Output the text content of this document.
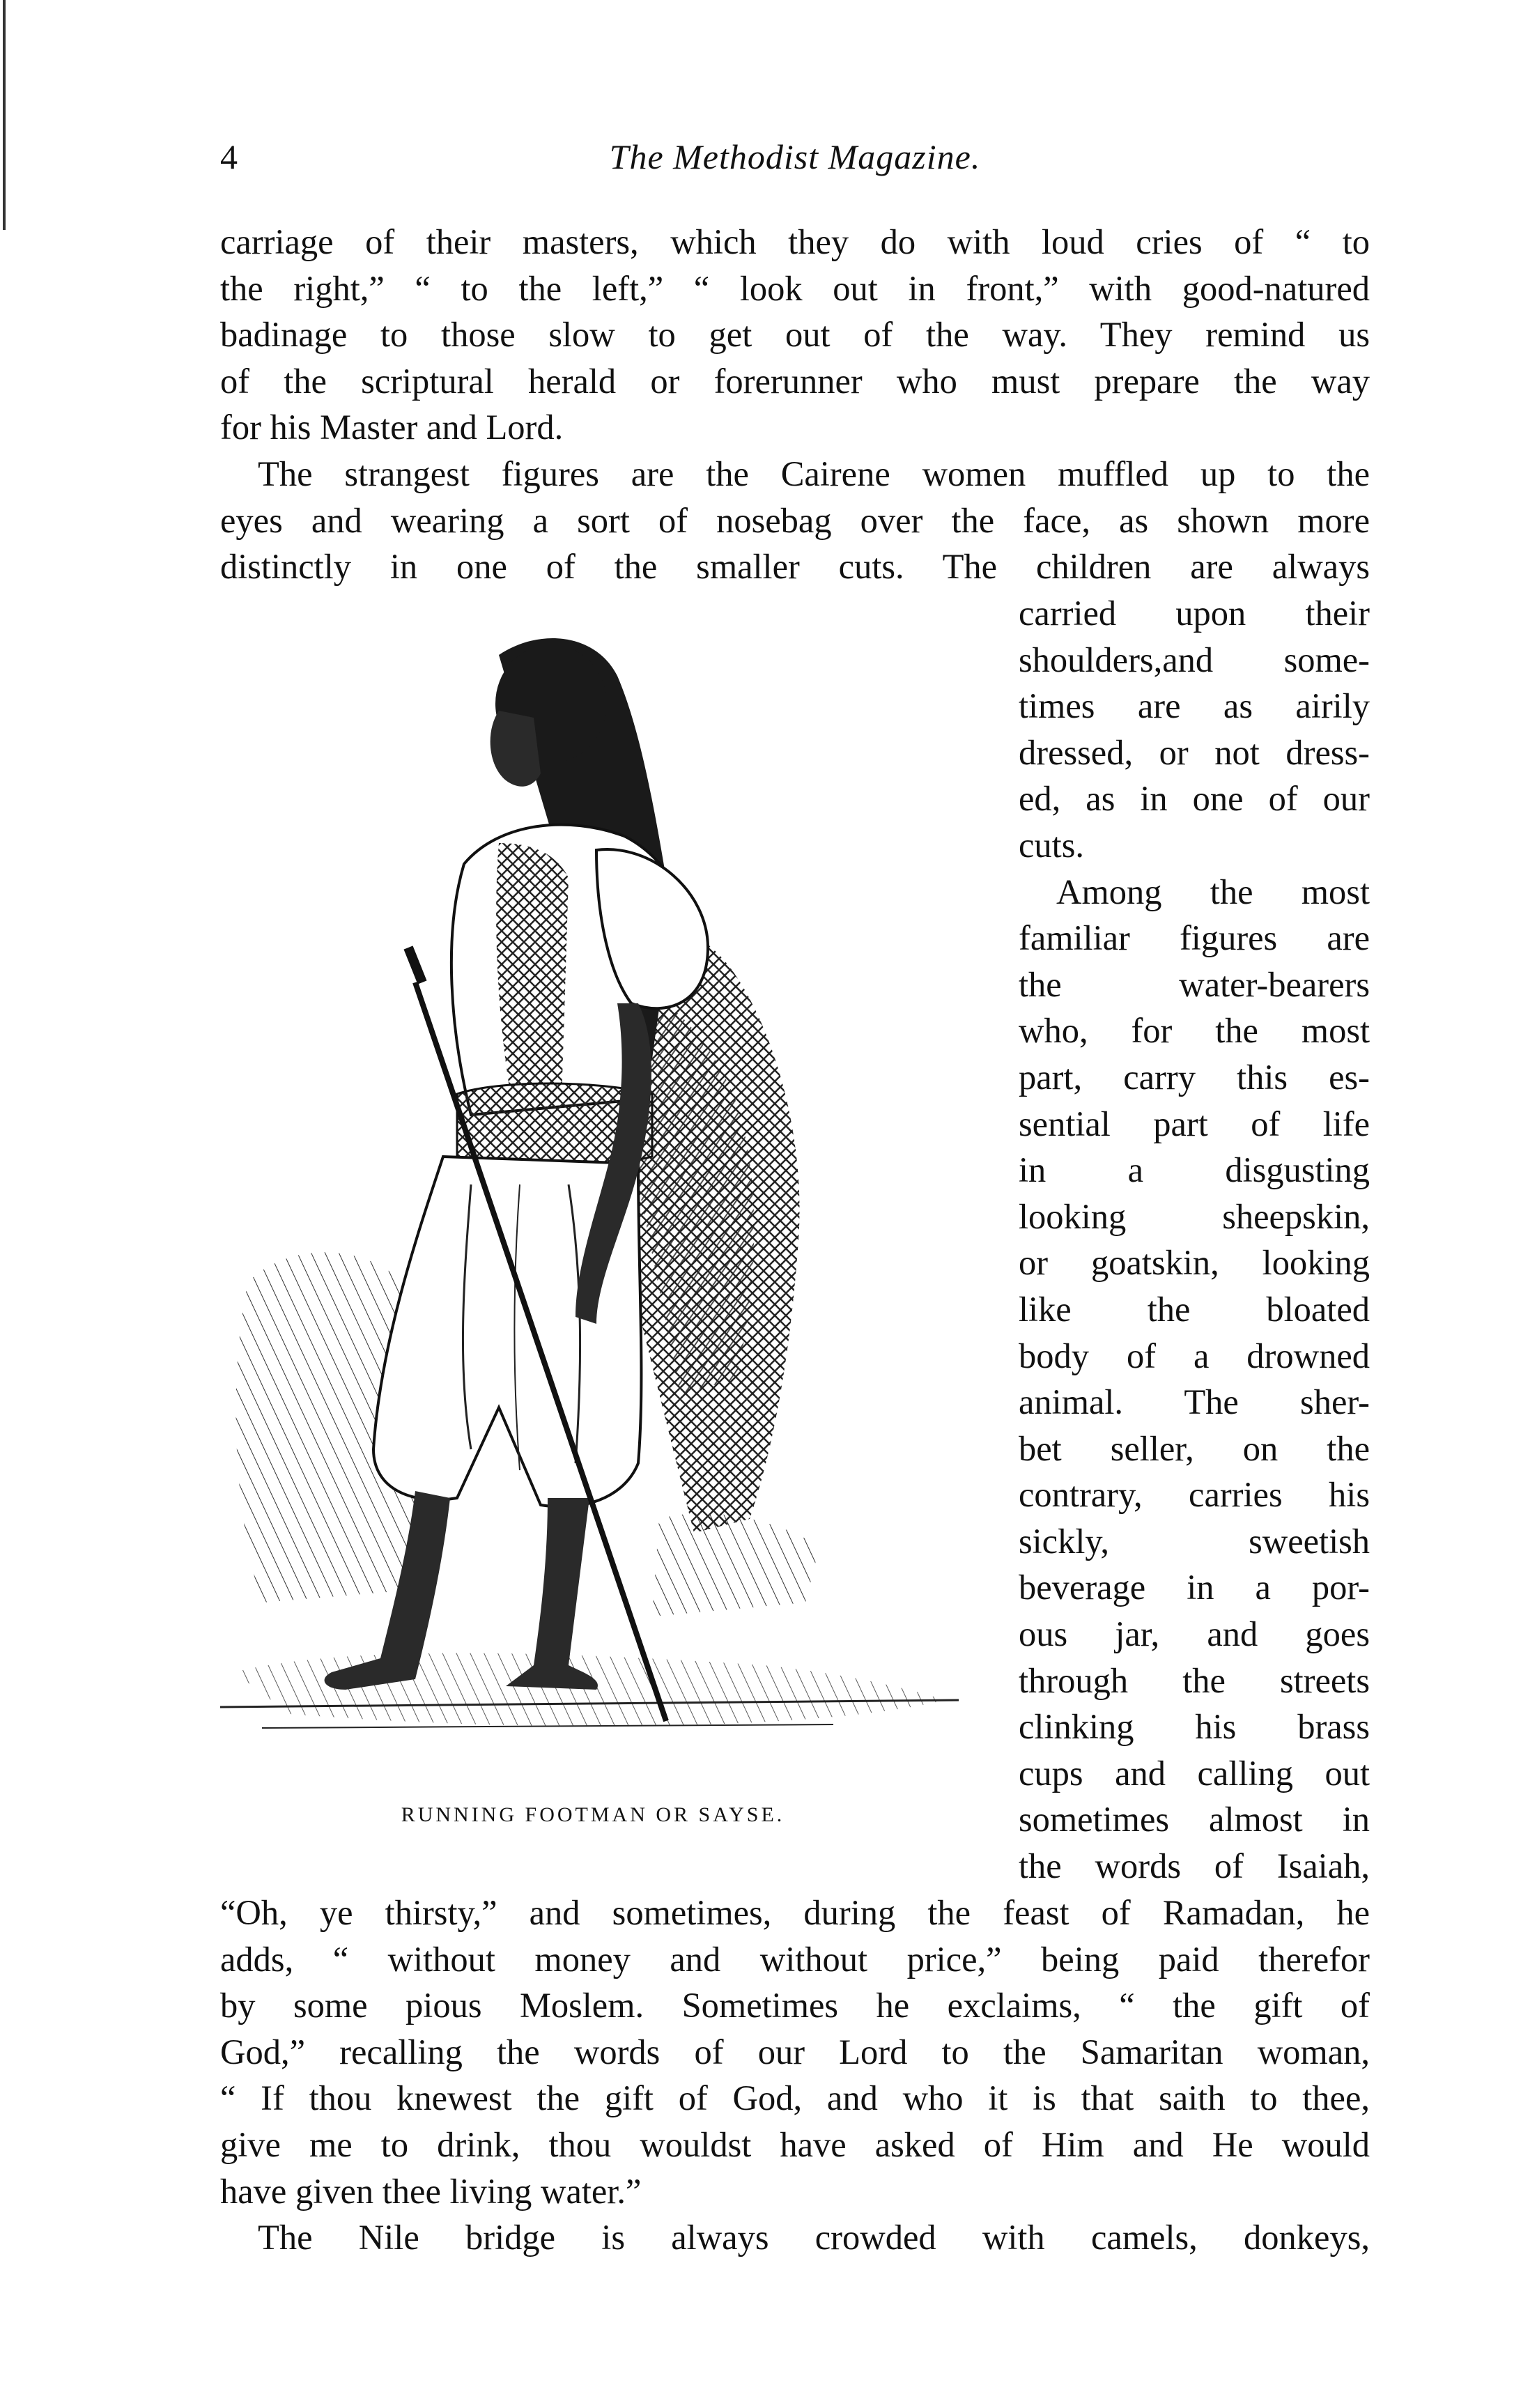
4	The Methodist Magazine.
carriage of their masters, which they do with loud cries of “ to
the right,” “ to the left,” “ look out in front,” with good-natured
badinage to those slow to get out of the way. They remind us
of the scriptural herald or forerunner who must prepare the way
for his Master and Lord.
The strangest figures are the Cairene women muffled up to the
eyes and wearing a sort of nosebag over the face, as shown more
distinctly in one of the smaller cuts. The children are always
RUNNING FOOTMAN OR SAYSE.
carried upon their
shoulders,and some-
times are as airily
dressed, or not dress-
ed, as in one of our
cuts.
Among the most
familiar figures are
the water-bearers
who, for the most
part, carry this es-
sential part of life
in a disgusting
looking sheepskin,
or goatskin, looking
like the bloated
body of a drowned
animal. The sher-
bet seller, on the
contrary, carries his
sickly, sweetish
beverage in a por-
ous jar, and goes
through the streets
clinking his brass
cups and calling out
sometimes almost in
the words of Isaiah,
“Oh, ye thirsty,” and sometimes, during the feast of Ramadan, he
adds, “ without money and without price,” being paid therefor
by some pious Moslem. Sometimes he exclaims, “ the gift of
God,” recalling the words of our Lord to the Samaritan woman,
“ If thou knewest the gift of God, and who it is that saith to thee,
give me to drink, thou wouldst have asked of Him and He would
have given thee living water.”
The Nile bridge is always crowded with camels, donkeys,
